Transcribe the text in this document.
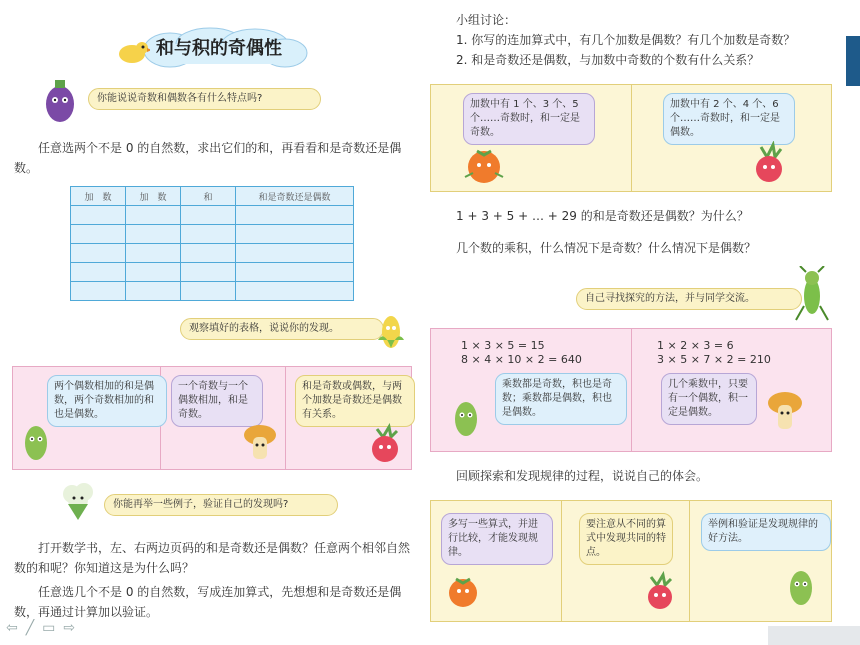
和与积的奇偶性
你能说说奇数和偶数各有什么特点吗?
任意选两个不是 0 的自然数，求出它们的和，再看看和是奇数还是偶数。
加　数	加　数	和	和是奇数还是偶数

观察填好的表格，说说你的发现。
两个偶数相加的和是偶数，两个奇数相加的和也是偶数。
一个奇数与一个偶数相加，和是奇数。
和是奇数或偶数，与两个加数是奇数还是偶数有关系。
你能再举一些例子，验证自己的发现吗?
打开数学书，左、右两边页码的和是奇数还是偶数？任意两个相邻自然数的和呢？你知道这是为什么吗？
任意选几个不是 0 的自然数，写成连加算式，先想想和是奇数还是偶数，再通过计算加以验证。
⇦ ╱ ▭ ⇨
小组讨论：
1. 你写的连加算式中，有几个加数是偶数？有几个加数是奇数？
2. 和是奇数还是偶数，与加数中奇数的个数有什么关系？
加数中有 1 个、3 个、5 个……奇数时，和一定是奇数。
加数中有 2 个、4 个、6 个……奇数时，和一定是偶数。
1 + 3 + 5 + … + 29 的和是奇数还是偶数？为什么？
几个数的乘积，什么情况下是奇数？什么情况下是偶数？
自己寻找探究的方法，并与同学交流。
1 × 3 × 5 = 15
8 × 4 × 10 × 2 = 640
1 × 2 × 3 = 6
3 × 5 × 7 × 2 = 210
乘数都是奇数，积也是奇数；乘数都是偶数，积也是偶数。
几个乘数中，只要有一个偶数，积一定是偶数。
回顾探索和发现规律的过程，说说自己的体会。
多写一些算式，并进行比较，才能发现规律。
要注意从不同的算式中发现共同的特点。
举例和验证是发现规律的好方法。
